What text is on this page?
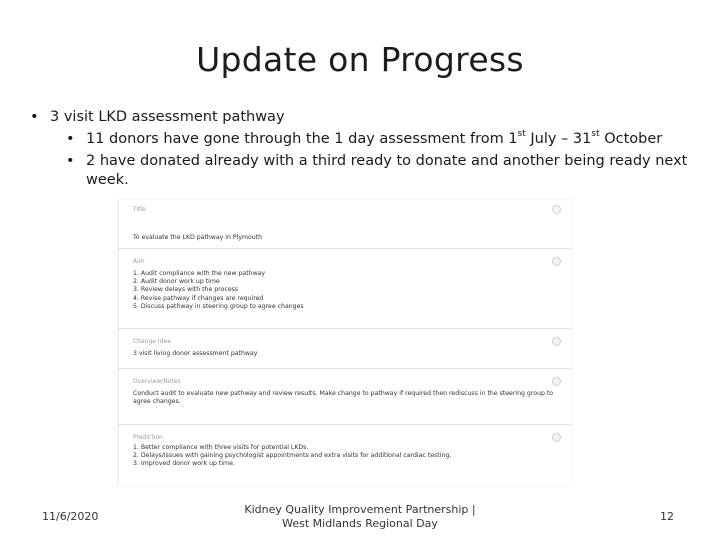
Update on Progress
• 3 visit LKD assessment pathway
• 11 donors have gone through the 1 day assessment from 1st July – 31st October
• 2 have donated already with a third ready to donate and another being ready next week.
Title
To evaluate the LKD pathway in Plymouth
Aim
1. Audit compliance with the new pathway
2. Audit donor work up time
3. Review delays with the process
4. Revise pathway if changes are required
5. Discuss pathway in steering group to agree changes
Change Idea
3 visit living donor assessment pathway
Overview/Notes
Conduct audit to evaluate new pathway and review results. Make change to pathway if required then rediscuss in the steering group to
agree changes.
Prediction
1. Better compliance with three visits for potential LKDs.
2. Delays/issues with gaining psychologist appointments and extra visits for additional cardiac testing.
3. Improved donor work up time.
11/6/2020
Kidney Quality Improvement Partnership |
West Midlands Regional Day
12
